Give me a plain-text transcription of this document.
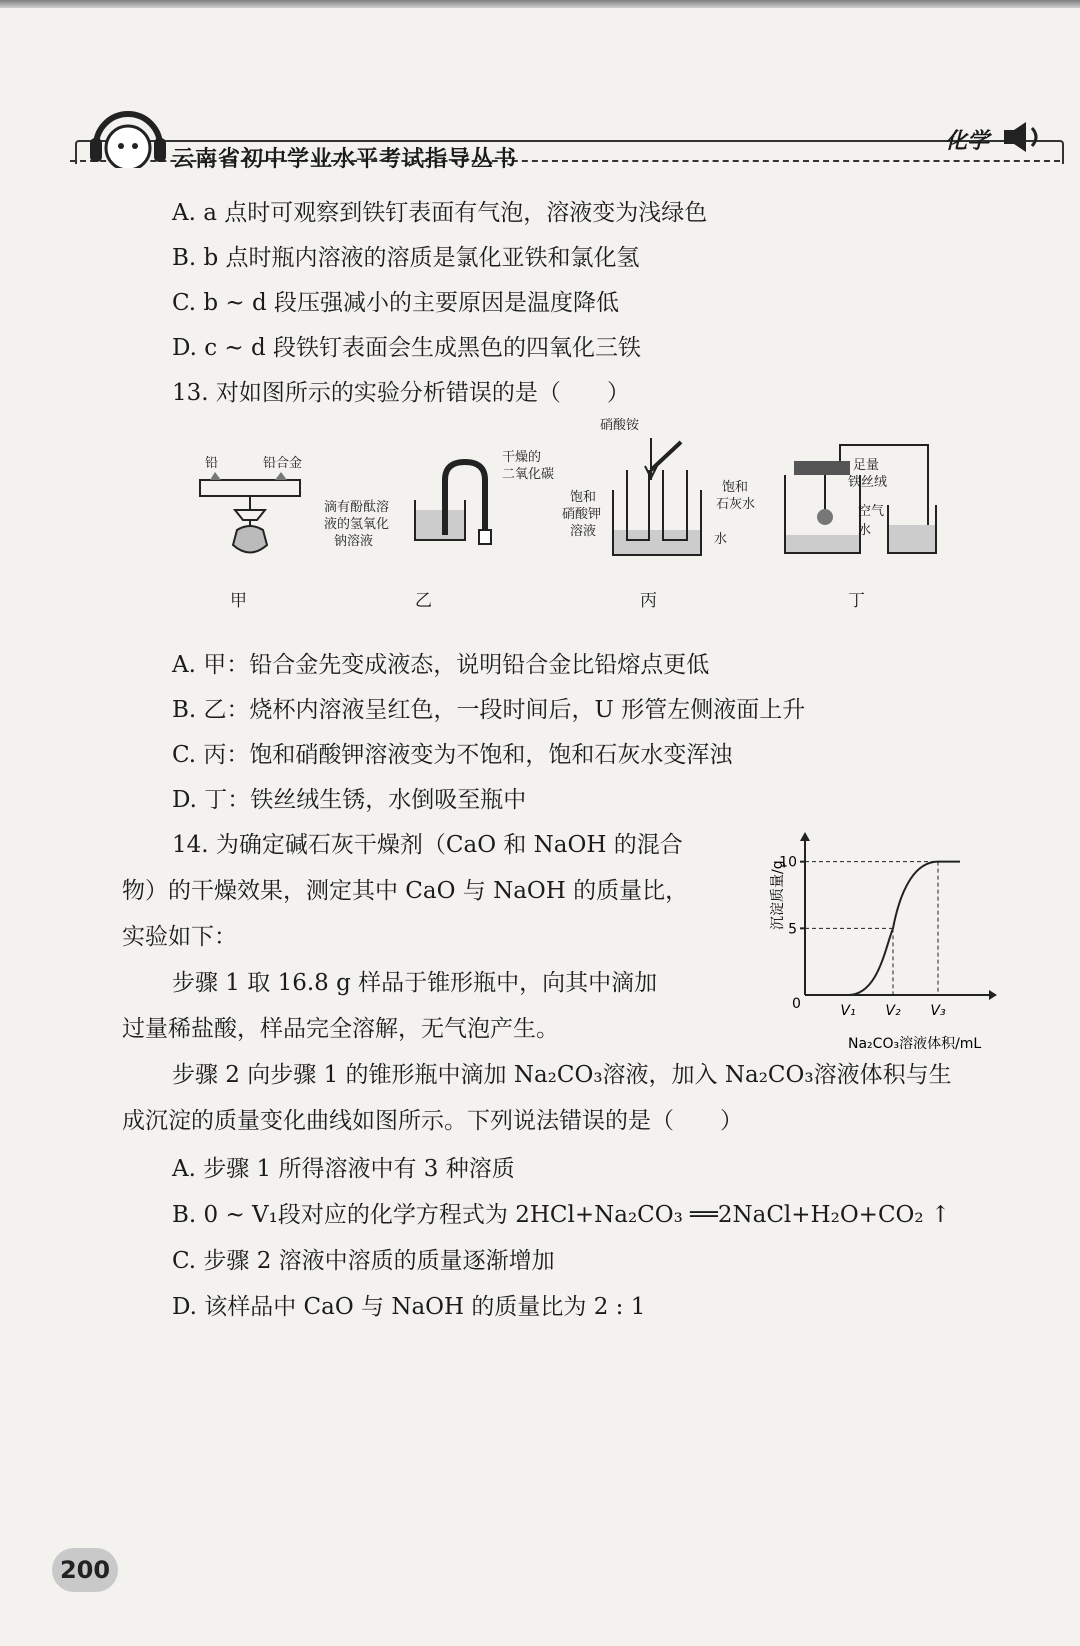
云南省初中学业水平考试指导丛书
化学
A. a 点时可观察到铁钉表面有气泡，溶液变为浅绿色
B. b 点时瓶内溶液的溶质是氯化亚铁和氯化氢
C. b ~ d 段压强减小的主要原因是温度降低
D. c ~ d 段铁钉表面会生成黑色的四氧化三铁
13. 对如图所示的实验分析错误的是（　　）
铅	铅合金
甲
干燥的
二氧化碳
滴有酚酞溶
液的氢氧化
钠溶液
乙
硝酸铵
饱和
硝酸钾
溶液
饱和
石灰水
水
丙
足量
铁丝绒
空气
水
丁
A. 甲：铅合金先变成液态，说明铅合金比铅熔点更低
B. 乙：烧杯内溶液呈红色，一段时间后，U 形管左侧液面上升
C. 丙：饱和硝酸钾溶液变为不饱和，饱和石灰水变浑浊
D. 丁：铁丝绒生锈，水倒吸至瓶中
14. 为确定碱石灰干燥剂（CaO 和 NaOH 的混合
物）的干燥效果，测定其中 CaO 与 NaOH 的质量比，
实验如下：
步骤 1 取 16.8 g 样品于锥形瓶中，向其中滴加
过量稀盐酸，样品完全溶解，无气泡产生。
步骤 2 向步骤 1 的锥形瓶中滴加 Na₂CO₃溶液，加入 Na₂CO₃溶液体积与生
成沉淀的质量变化曲线如图所示。下列说法错误的是（　　）
5
10
V₁ V₂ V₃
沉淀质量/g
Na₂CO₃溶液体积/mL
0
A. 步骤 1 所得溶液中有 3 种溶质
B. 0 ~ V₁段对应的化学方程式为 2HCl+Na₂CO₃ ══2NaCl+H₂O+CO₂ ↑
C. 步骤 2 溶液中溶质的质量逐渐增加
D. 该样品中 CaO 与 NaOH 的质量比为 2 : 1
200
